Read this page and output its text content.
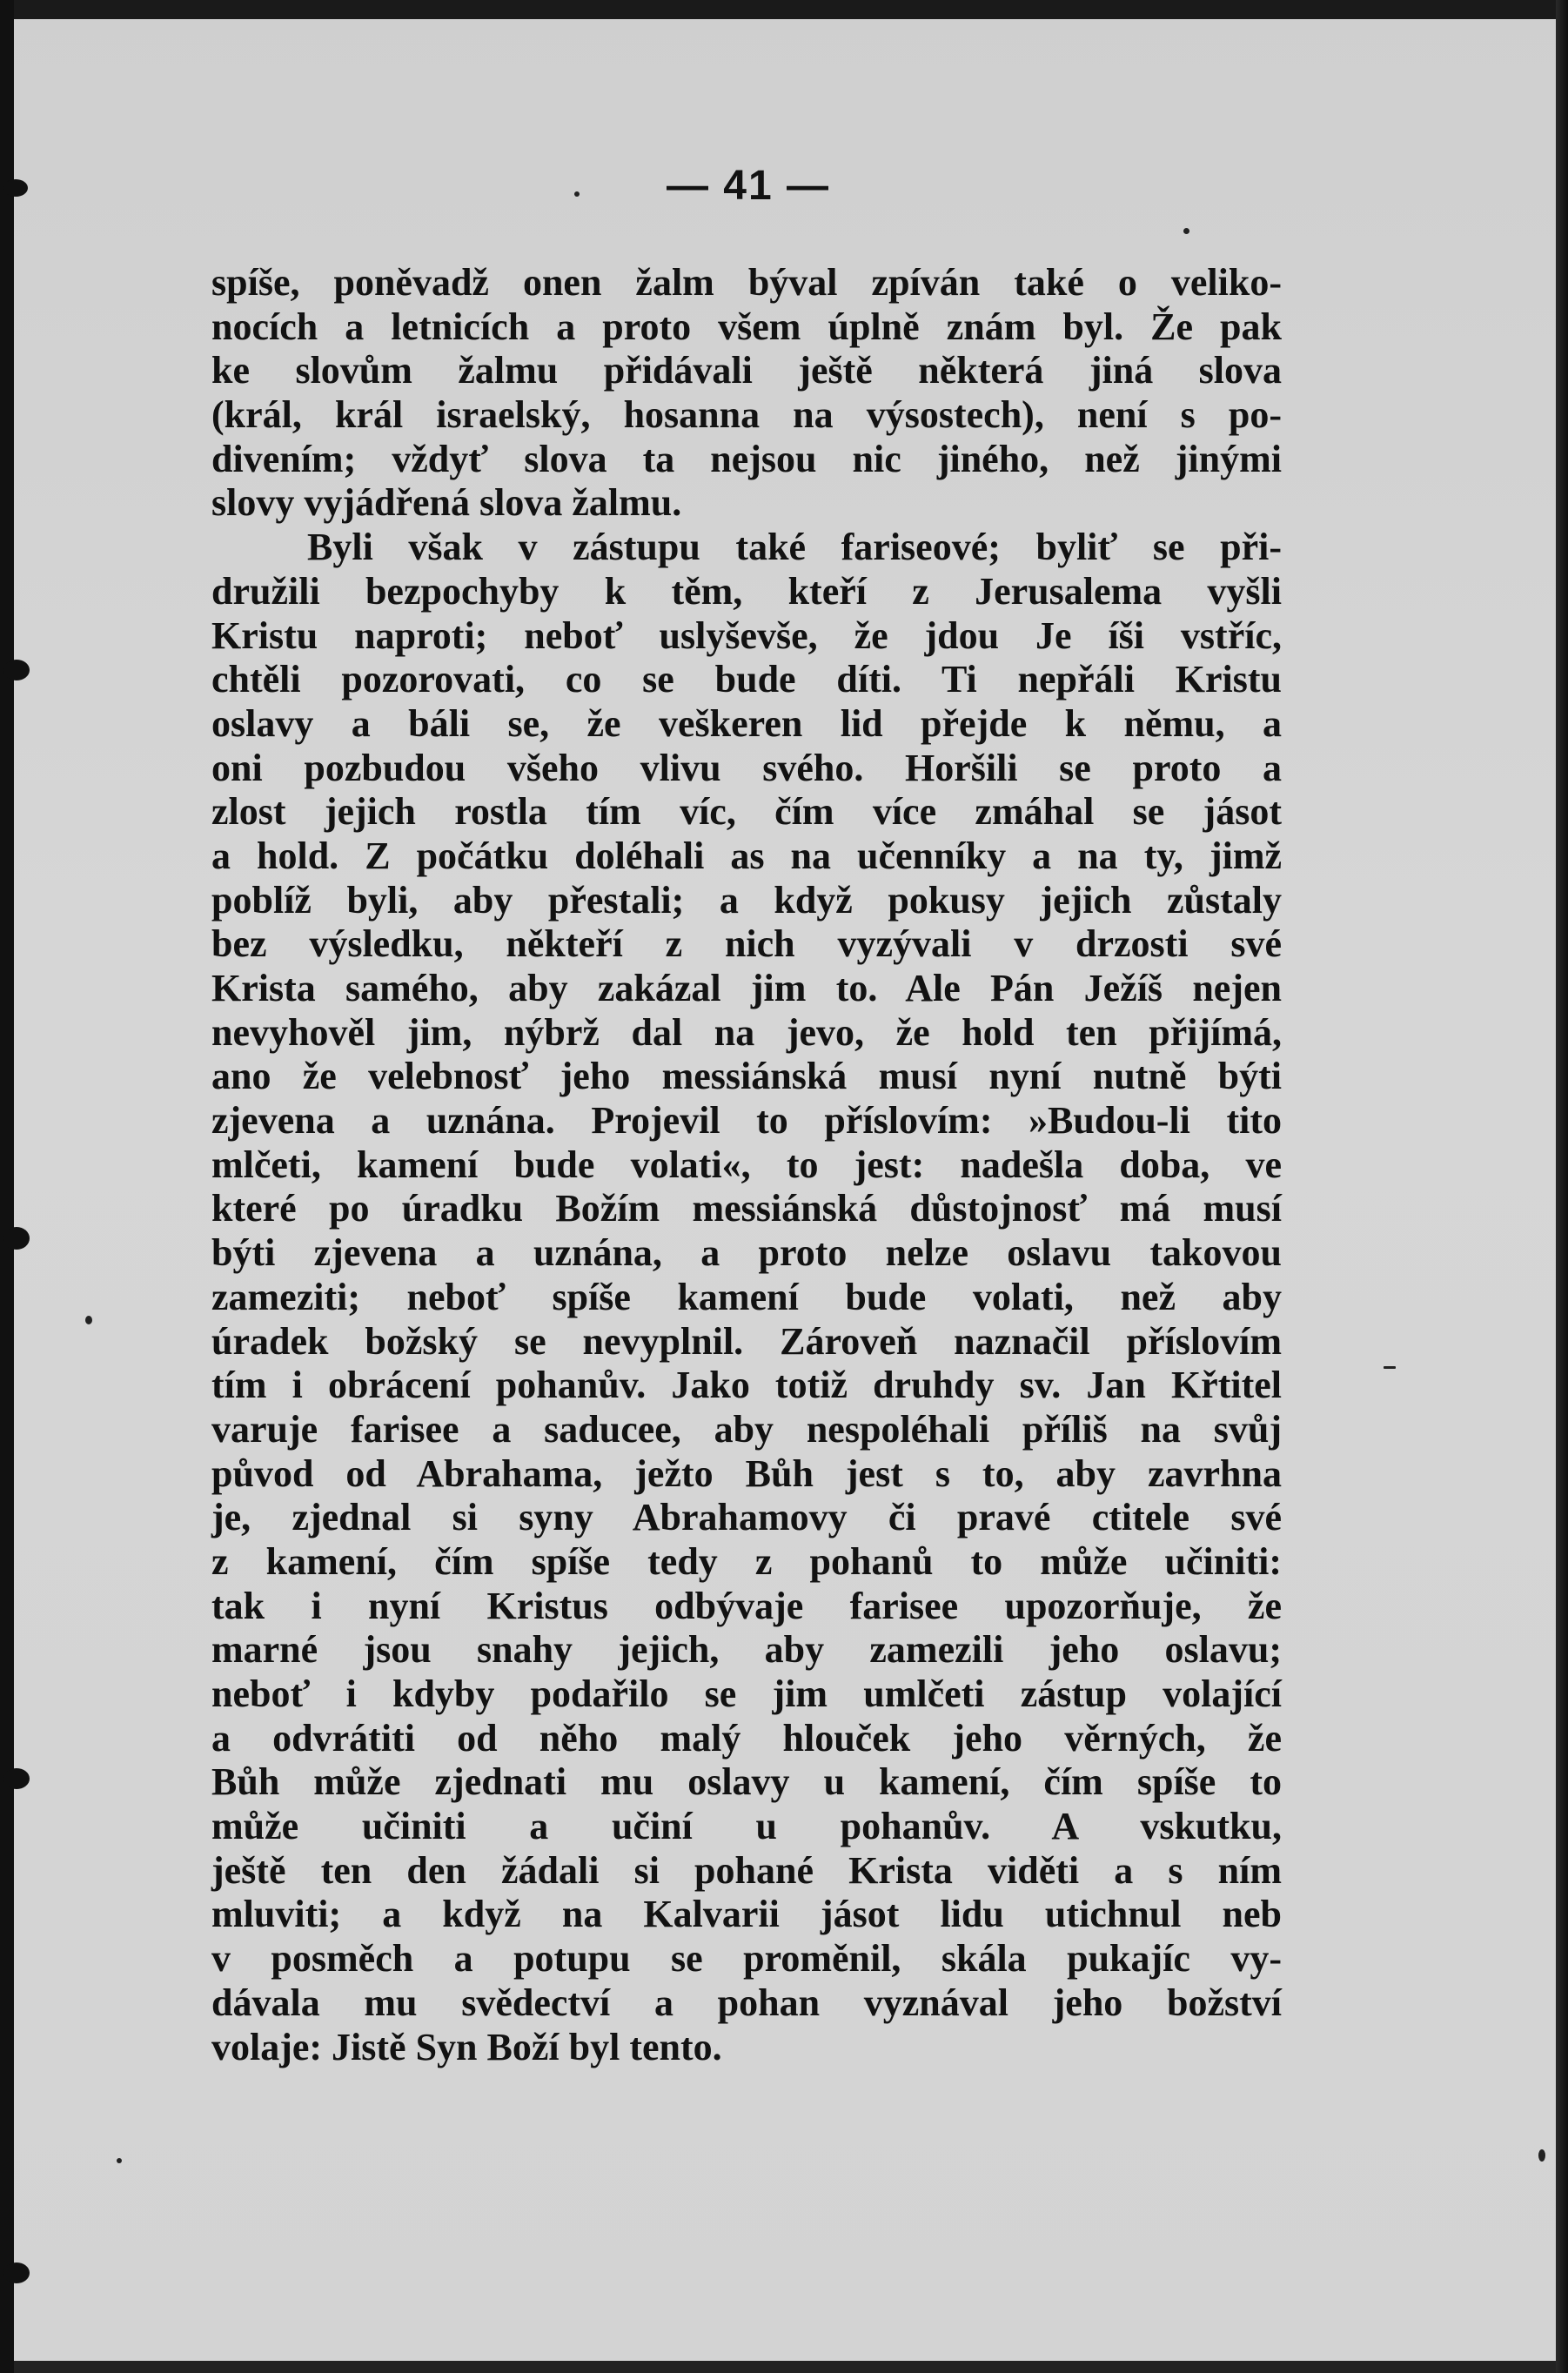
— 41 —
spíše, poněvadž onen žalm býval zpíván také o veliko-
nocích a letnicích a proto všem úplně znám byl. Že pak
ke slovům žalmu přidávali ještě některá jiná slova
(král, král israelský, hosanna na výsostech), není s po-
divením; vždyť slova ta nejsou nic jiného, než jinými
slovy vyjádřená slova žalmu.
Byli však v zástupu také fariseové; byliť se při-
družili bezpochyby k těm, kteří z Jerusalema vyšli
Kristu naproti; neboť uslyševše, že jdou Je íši vstříc,
chtěli pozorovati, co se bude díti. Ti nepřáli Kristu
oslavy a báli se, že veškeren lid přejde k němu, a
oni pozbudou všeho vlivu svého. Horšili se proto a
zlost jejich rostla tím víc, čím více zmáhal se jásot
a hold. Z počátku doléhali as na učenníky a na ty, jimž
poblíž byli, aby přestali; a když pokusy jejich zůstaly
bez výsledku, někteří z nich vyzývali v drzosti své
Krista samého, aby zakázal jim to. Ale Pán Ježíš nejen
nevyhověl jim, nýbrž dal na jevo, že hold ten přijímá,
ano že velebnosť jeho messiánská musí nyní nutně býti
zjevena a uznána. Projevil to příslovím: »Budou-li tito
mlčeti, kamení bude volati«, to jest: nadešla doba, ve
které po úradku Božím messiánská důstojnosť má musí
býti zjevena a uznána, a proto nelze oslavu takovou
zameziti; neboť spíše kamení bude volati, než aby
úradek božský se nevyplnil. Zároveň naznačil příslovím
tím i obrácení pohanův. Jako totiž druhdy sv. Jan Křtitel
varuje farisee a saducee, aby nespoléhali příliš na svůj
původ od Abrahama, ježto Bůh jest s to, aby zavrhna
je, zjednal si syny Abrahamovy či pravé ctitele své
z kamení, čím spíše tedy z pohanů to může učiniti:
tak i nyní Kristus odbývaje farisee upozorňuje, že
marné jsou snahy jejich, aby zamezili jeho oslavu;
neboť i kdyby podařilo se jim umlčeti zástup volající
a odvrátiti od něho malý hlouček jeho věrných, že
Bůh může zjednati mu oslavy u kamení, čím spíše to
může učiniti a učiní u pohanův. A vskutku,
ještě ten den žádali si pohané Krista viděti a s ním
mluviti; a když na Kalvarii jásot lidu utichnul neb
v posměch a potupu se proměnil, skála pukajíc vy-
dávala mu svědectví a pohan vyznával jeho božství
volaje: Jistě Syn Boží byl tento.
